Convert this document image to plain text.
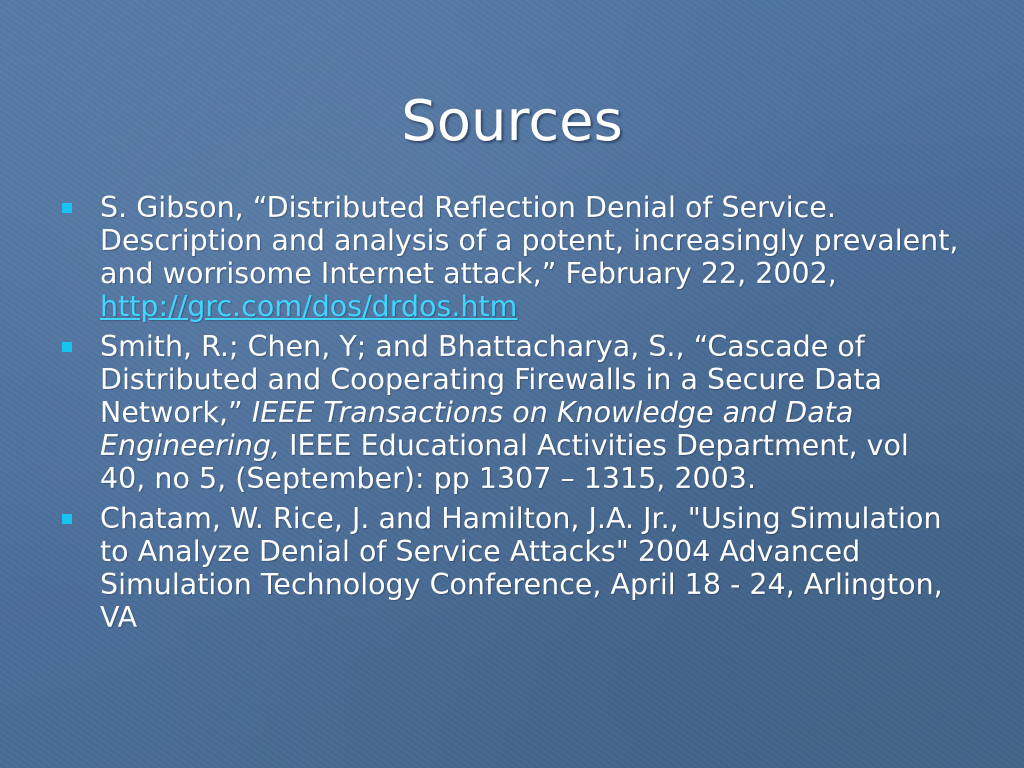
Sources
S. Gibson, “Distributed Reflection Denial of Service. Description and analysis of a potent, increasingly prevalent, and worrisome Internet attack,” February 22, 2002, http://grc.com/dos/drdos.htm
Smith, R.; Chen, Y; and Bhattacharya, S., “Cascade of Distributed and Cooperating Firewalls in a Secure Data Network,” IEEE Transactions on Knowledge and Data Engineering, IEEE Educational Activities Department, vol 40, no 5, (September): pp 1307 – 1315, 2003.
Chatam, W. Rice, J. and Hamilton, J.A. Jr., "Using Simulation to Analyze Denial of Service Attacks" 2004 Advanced Simulation Technology Conference, April 18 - 24, Arlington, VA
